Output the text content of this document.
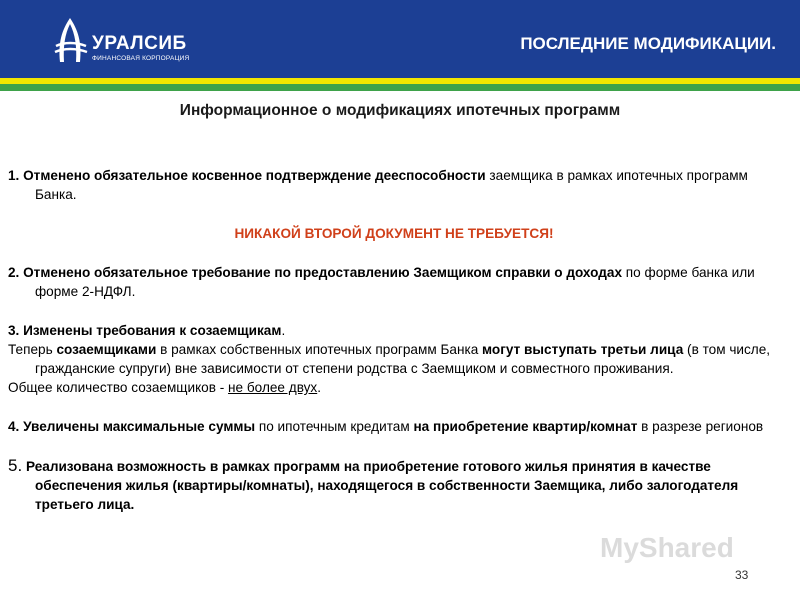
УРАЛСИБ
ФИНАНСОВАЯ КОРПОРАЦИЯ
ПОСЛЕДНИЕ МОДИФИКАЦИИ.
Информационное о модификациях ипотечных программ

1. Отменено обязательное косвенное подтверждение дееспособности заемщика в рамках ипотечных программ Банка.

НИКАКОЙ ВТОРОЙ ДОКУМЕНТ НЕ ТРЕБУЕТСЯ!

2. Отменено обязательное требование по предоставлению Заемщиком справки о доходах по форме банка или форме 2-НДФЛ.

3. Изменены требования к созаемщикам.

Теперь созаемщиками в рамках собственных ипотечных программ Банка могут выступать третьи лица (в том числе, гражданские супруги) вне зависимости от степени родства с Заемщиком и совместного проживания.

Общее количество созаемщиков - не более двух.

4. Увеличены максимальные суммы по ипотечным кредитам на приобретение квартир/комнат в разрезе регионов

5. Реализована возможность в рамках программ на приобретение готового жилья принятия в качестве обеспечения жилья (квартиры/комнаты), находящегося в собственности Заемщика, либо залогодателя третьего лица.

MyShared
33
